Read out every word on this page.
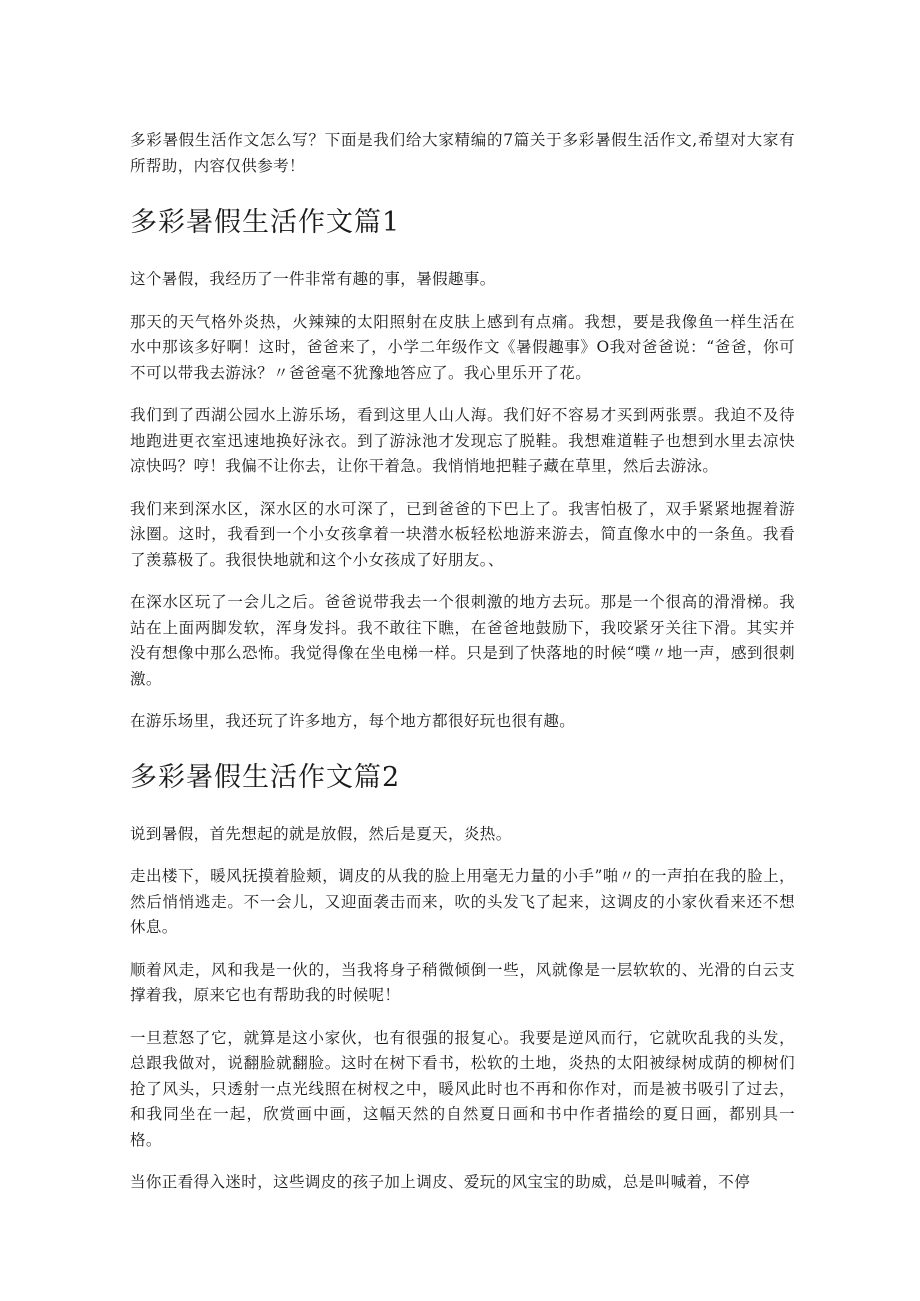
多彩暑假生活作文怎么写？下面是我们给大家精编的7篇关于多彩暑假生活作文,希望对大家有所帮助，内容仅供参考！

多彩暑假生活作文篇1

这个暑假，我经历了一件非常有趣的事，暑假趣事。

那天的天气格外炎热，火辣辣的太阳照射在皮肤上感到有点痛。我想，要是我像鱼一样生活在水中那该多好啊！这时，爸爸来了，小学二年级作文《暑假趣事》O我对爸爸说：“爸爸，你可不可以带我去游泳？〃爸爸毫不犹豫地答应了。我心里乐开了花。

我们到了西湖公园水上游乐场，看到这里人山人海。我们好不容易才买到两张票。我迫不及待地跑进更衣室迅速地换好泳衣。到了游泳池才发现忘了脱鞋。我想难道鞋子也想到水里去凉快凉快吗？哼！我偏不让你去，让你干着急。我悄悄地把鞋子藏在草里，然后去游泳。

我们来到深水区，深水区的水可深了，已到爸爸的下巴上了。我害怕极了，双手紧紧地握着游泳圈。这时，我看到一个小女孩拿着一块潜水板轻松地游来游去，简直像水中的一条鱼。我看了羡慕极了。我很快地就和这个小女孩成了好朋友。、

在深水区玩了一会儿之后。爸爸说带我去一个很刺激的地方去玩。那是一个很高的滑滑梯。我站在上面两脚发软，浑身发抖。我不敢往下瞧，在爸爸地鼓励下，我咬紧牙关往下滑。其实并没有想像中那么恐怖。我觉得像在坐电梯一样。只是到了快落地的时候“噗〃地一声，感到很刺激。

在游乐场里，我还玩了许多地方，每个地方都很好玩也很有趣。

多彩暑假生活作文篇2

说到暑假，首先想起的就是放假，然后是夏天，炎热。

走出楼下，暖风抚摸着脸颊，调皮的从我的脸上用毫无力量的小手”啪〃的一声拍在我的脸上，然后悄悄逃走。不一会儿，又迎面袭击而来，吹的头发飞了起来，这调皮的小家伙看来还不想休息。

顺着风走，风和我是一伙的，当我将身子稍微倾倒一些，风就像是一层软软的、光滑的白云支撑着我，原来它也有帮助我的时候呢！

一旦惹怒了它，就算是这小家伙，也有很强的报复心。我要是逆风而行，它就吹乱我的头发，总跟我做对，说翻脸就翻脸。这时在树下看书，松软的土地，炎热的太阳被绿树成荫的柳树们抢了风头，只透射一点光线照在树杈之中，暖风此时也不再和你作对，而是被书吸引了过去，和我同坐在一起，欣赏画中画，这幅天然的自然夏日画和书中作者描绘的夏日画，都别具一格。

当你正看得入迷时，这些调皮的孩子加上调皮、爱玩的风宝宝的助威，总是叫喊着，不停
